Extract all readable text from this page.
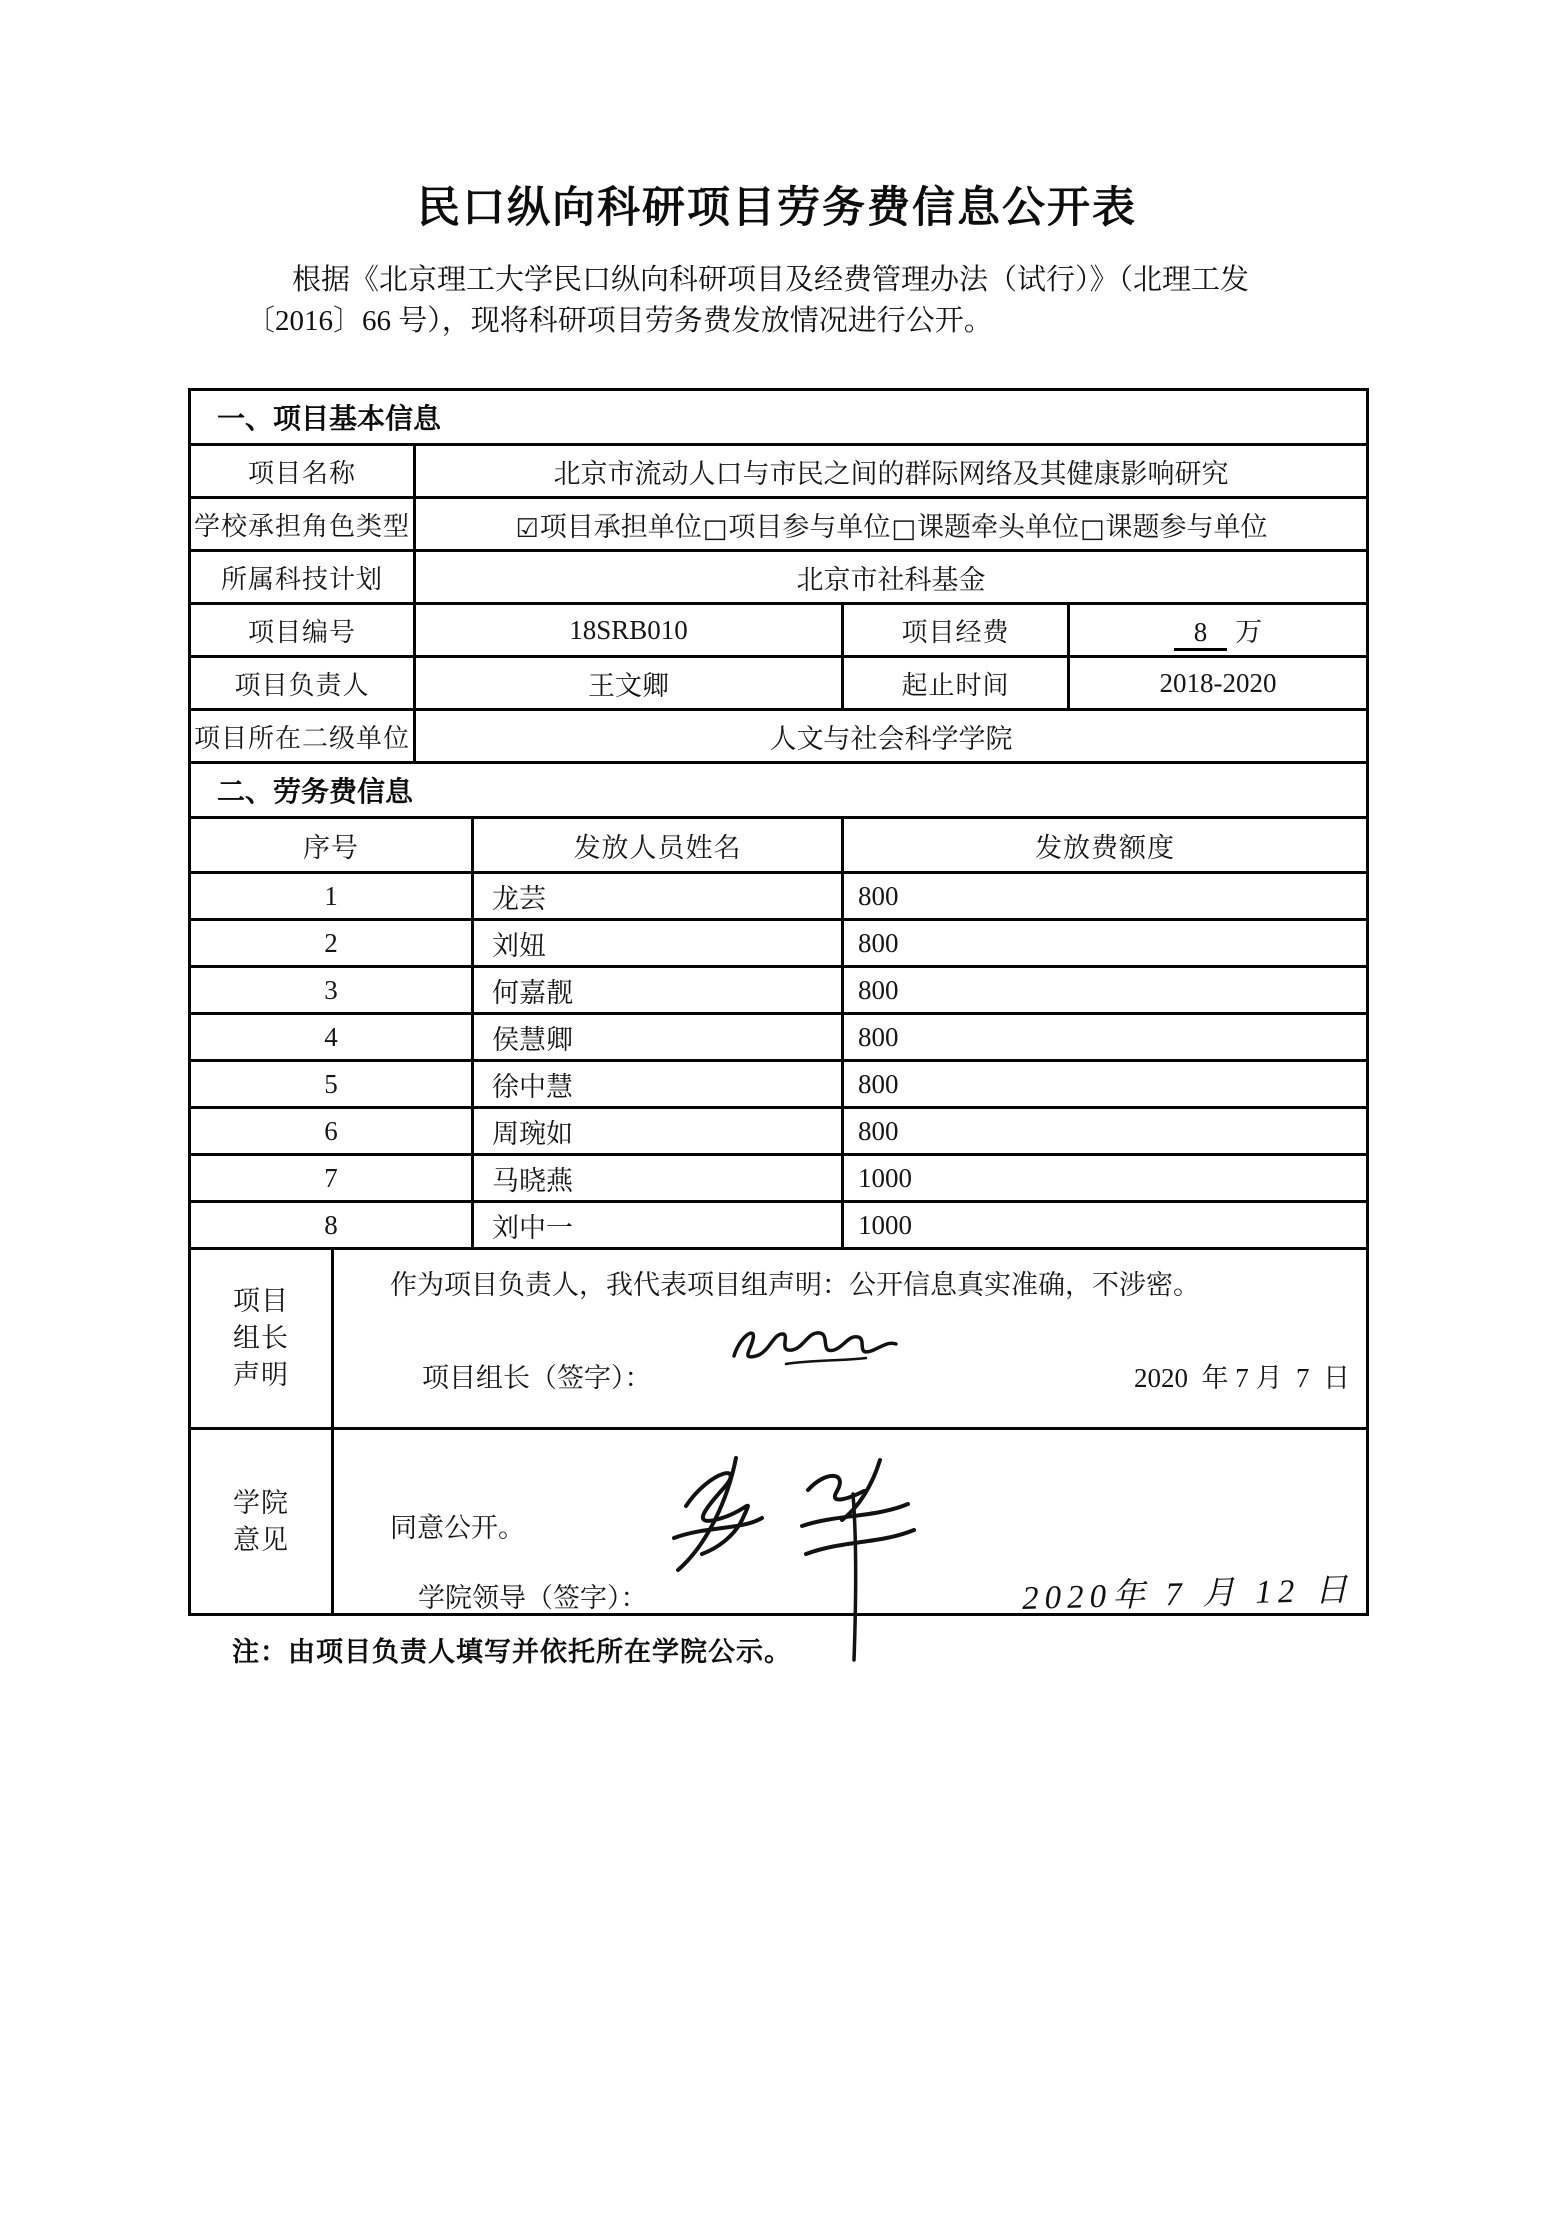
民口纵向科研项目劳务费信息公开表
根据《北京理工大学民口纵向科研项目及经费管理办法（试行）》（北理工发
〔2016〕66 号），现将科研项目劳务费发放情况进行公开。
一、项目基本信息			
项目名称	北京市流动人口与市民之间的群际网络及其健康影响研究		
学校承担角色类型	☑项目承担单位□项目参与单位□课题牵头单位□课题参与单位		
所属科技计划	北京市社科基金		
项目编号	18SRB010	项目经费	8 万
项目负责人	王文卿	起止时间	2018-2020
项目所在二级单位	人文与社会科学学院		
二、劳务费信息		
序号	发放人员姓名	发放费额度
1	龙芸	800
2	刘妞	800
3	何嘉靓	800
4	侯慧卿	800
5	徐中慧	800
6	周琬如	800
7	马晓燕	1000
8	刘中一	1000
项目
组长
声明

作为项目负责人，我代表项目组声明：公开信息真实准确，不涉密。
项目组长（签字）：	2020  年 7 月  7  日

学院
意见	同意公开。
学院领导（签字）：	2020年 7 月 12 日
注：由项目负责人填写并依托所在学院公示。
